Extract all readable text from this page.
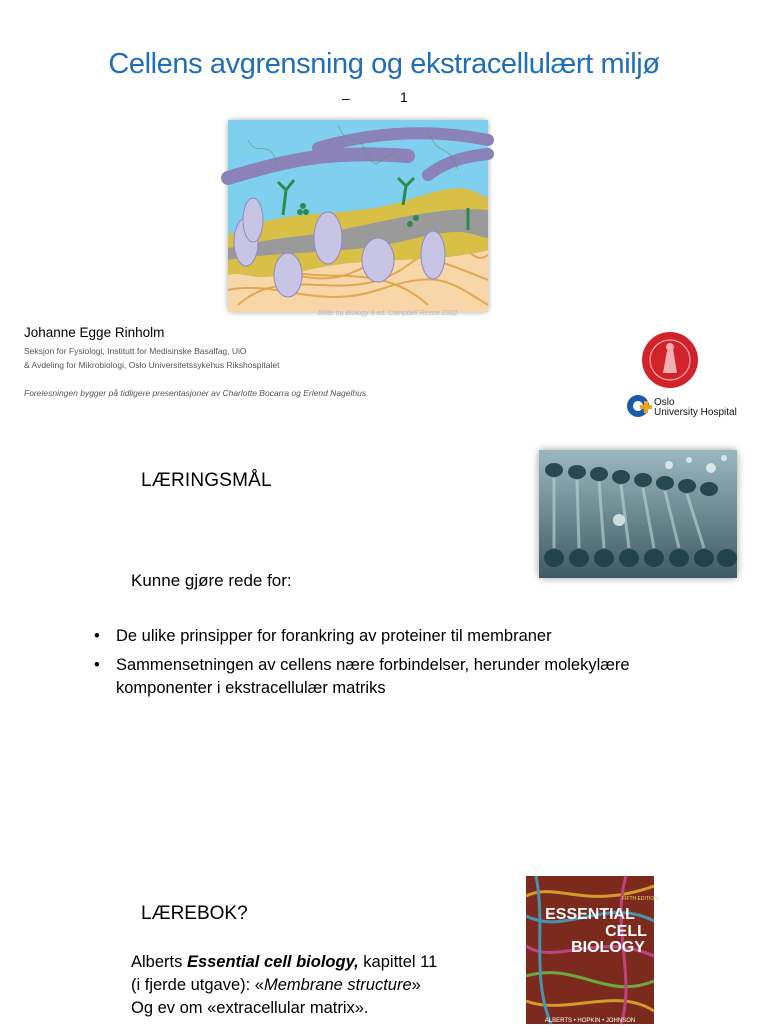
Cellens avgrensning og ekstracellulært miljø
–	1
Bilde fra Biology 6.ed. Campbell Reece 2002
Johanne Egge Rinholm
Seksjon for Fysiologi, Institutt for Medisinske Basalfag, UiO
& Avdeling for Mikrobiologi, Oslo Universitetssykehus Rikshospitalet
Forelesningen bygger på tidligere presentasjoner av Charlotte Bocarra og Erlend Nagelhus
Oslo
University Hospital
LÆRINGSMÅL
Kunne gjøre rede for:
• De ulike prinsipper for forankring av proteiner til membraner
• Sammensetningen av cellens nære forbindelser, herunder molekylære komponenter i ekstracellulær matriks
LÆREBOK?
FIFTH EDITION
ESSENTIAL
CELL
BIOLOGY
ALBERTS • HOPKIN • JOHNSON
Alberts Essential cell biology, kapittel 11
(i fjerde utgave): «Membrane structure»
Og ev om «extracellular matrix».
